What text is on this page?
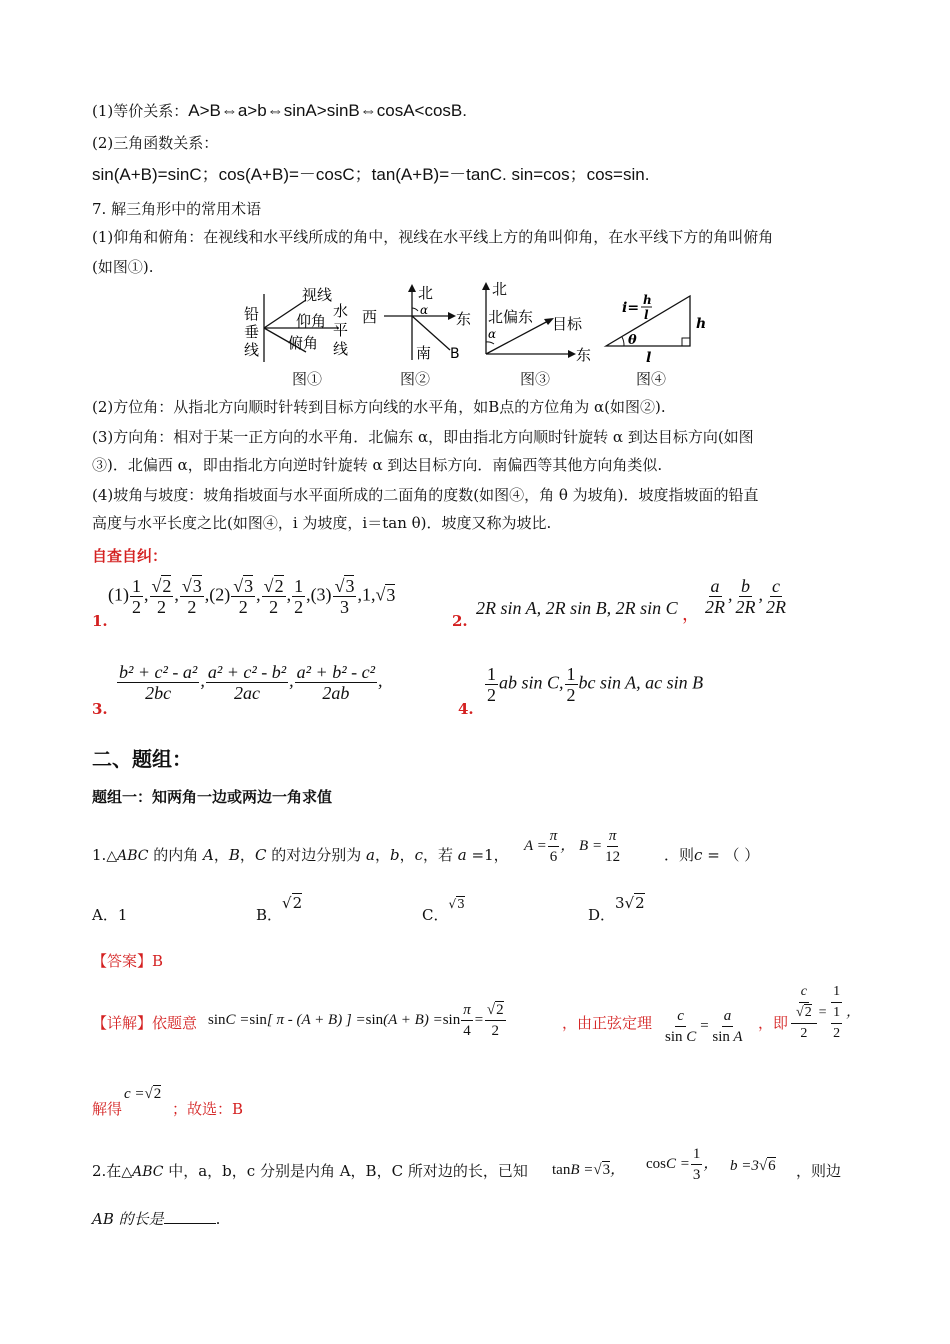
(1)等价关系：A>B⇔a>b⇔sinA>sinB⇔cosA<cosB.
(2)三角函数关系：
sin(A+B)=sinC；cos(A+B)=－cosC；tan(A+B)=－tanC. sin=cos；cos=sin.
7. 解三角形中的常用术语
(1)仰角和俯角：在视线和水平线所成的角中，视线在水平线上方的角叫仰角，在水平线下方的角叫俯角
(如图①).
铅
垂
线
视线
仰角
俯角
水
平
线
图①
北
西	东
南 B
α
图②
北
北偏东 目标
东
α
图③
i= h
l
h
θ
l
图④
(2)方位角：从指北方向顺时针转到目标方向线的水平角，如B点的方位角为 α(如图②).
(3)方向角：相对于某一正方向的水平角．北偏东 α，即由指北方向顺时针旋转 α 到达目标方向(如图
③)．北偏西 α，即由指北方向逆时针旋转 α 到达目标方向．南偏西等其他方向角类似.
(4)坡角与坡度：坡角指坡面与水平面所成的二面角的度数(如图④，角 θ 为坡角)．坡度指坡面的铅直
高度与水平长度之比(如图④，i 为坡度，i＝tan θ)．坡度又称为坡比.
自查自纠：
1.
$(1) \frac{1}{2}$ , $\frac{√2}{2}$ , $\frac{√3}{2} ,(2) \frac{√3}{2}$ , $\frac{√2}{2}$ , $\frac{1}{2} ,(3) \frac{√3}{3} ,1,√3$
2.
2R sin A, 2R sin B, 2R sin C ， $\frac{a}{2R}$ , $\frac{b}{2R}$ , $\frac{c}{2R}$
3.
$\frac{\text{b² + c² - a²}}{2bc}$ , $\frac{\text{a² + c² - b²}}{2ac}$ , $\frac{\text{a² + b² - c²}}{2ab}$ ,
4.
$\frac{1}{2}$ ab sin C, $\frac{1}{2}$ bc sin A, ac sin B
二、题组：
题组一：知两角一边或两边一角求值
1.△ABC 的内角 A，B，C 的对边分别为 a，b，c，若 a =1，
$A = \frac{\pi}{6}$ ， $B = \frac{\pi}{12}$	．则c = （ ）
A．1	B．√2
C．$^{√3}$
D．3√2
【答案】B
【详解】依题意 sinC =sin[ π - (A + B) ] $=\sin(A + B) =\sin \frac{\pi}{4} = \frac{√2}{2}$	，由正弦定理 $\frac{c}{\text{sin C}} = \frac{a}{\text{sin A}}$ ，即 $\frac{\frac{c}{√2}}{2} = \frac{1}{\frac{1}{2}}$ ，
解得
c =√2
；故选：B
2.在△ABC 中，a，b，c 分别是内角 A，B，C 所对边的长，已知 tanB =√3， $\cos C = \frac{1}{3}$ ， b =3√6 ，则边
AB 的长是	.
